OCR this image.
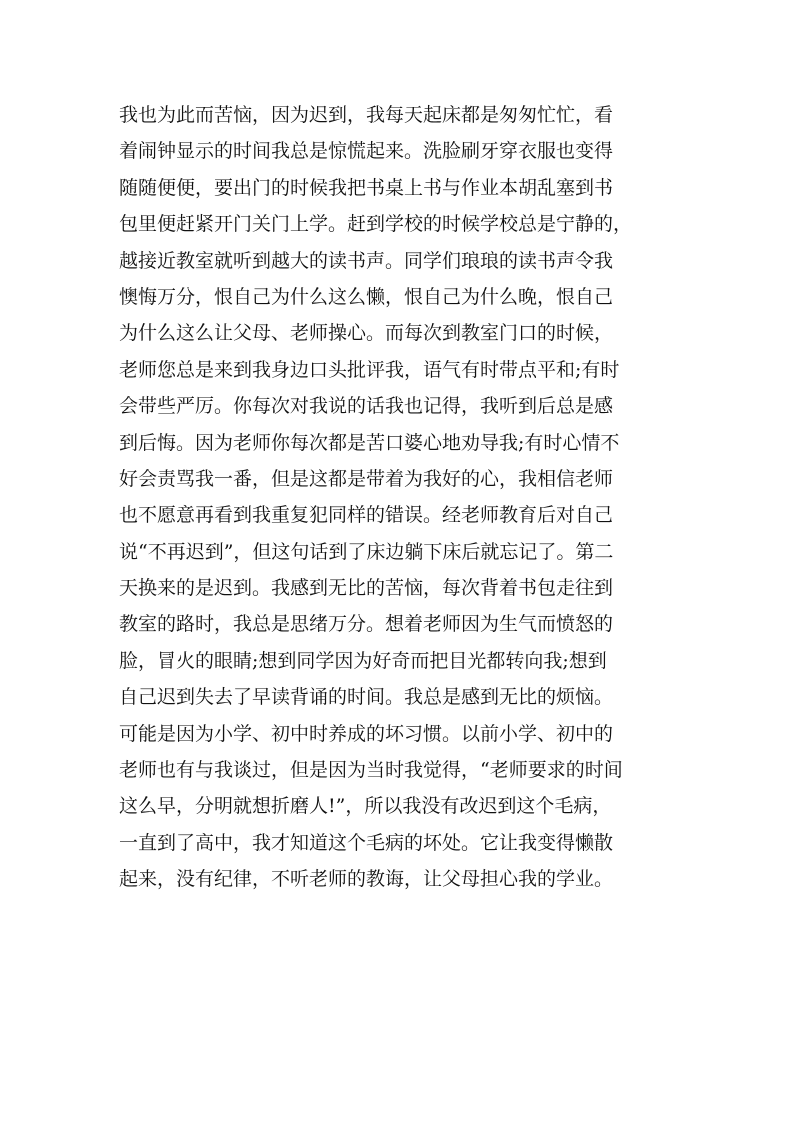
我也为此而苦恼，因为迟到，我每天起床都是匆匆忙忙，看
着闹钟显示的时间我总是惊慌起来。洗脸刷牙穿衣服也变得
随随便便，要出门的时候我把书桌上书与作业本胡乱塞到书
包里便赶紧开门关门上学。赶到学校的时候学校总是宁静的，
越接近教室就听到越大的读书声。同学们琅琅的读书声令我
懊悔万分，恨自己为什么这么懒，恨自己为什么晚，恨自己
为什么这么让父母、老师操心。而每次到教室门口的时候，
老师您总是来到我身边口头批评我，语气有时带点平和;有时
会带些严厉。你每次对我说的话我也记得，我听到后总是感
到后悔。因为老师你每次都是苦口婆心地劝导我;有时心情不
好会责骂我一番，但是这都是带着为我好的心，我相信老师
也不愿意再看到我重复犯同样的错误。经老师教育后对自己
说“不再迟到”，但这句话到了床边躺下床后就忘记了。第二
天换来的是迟到。我感到无比的苦恼，每次背着书包走往到
教室的路时，我总是思绪万分。想着老师因为生气而愤怒的
脸，冒火的眼睛;想到同学因为好奇而把目光都转向我;想到
自己迟到失去了早读背诵的时间。我总是感到无比的烦恼。
可能是因为小学、初中时养成的坏习惯。以前小学、初中的
老师也有与我谈过，但是因为当时我觉得，“老师要求的时间
这么早，分明就想折磨人!”，所以我没有改迟到这个毛病，
一直到了高中，我才知道这个毛病的坏处。它让我变得懒散
起来，没有纪律，不听老师的教诲，让父母担心我的学业。
